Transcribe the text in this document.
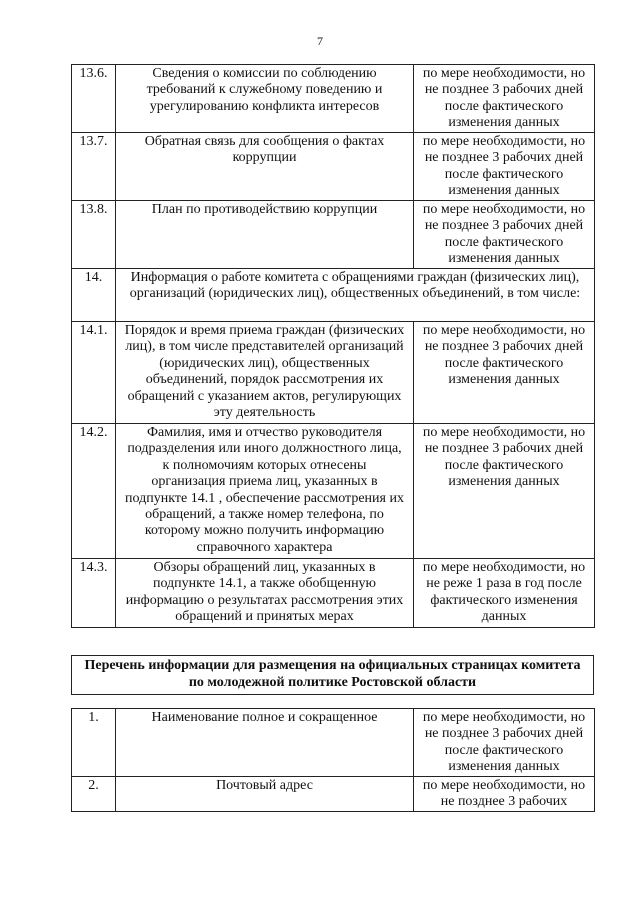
7
13.6.	Сведения о комиссии по соблюдению требований к служебному поведению и урегулированию конфликта интересов	по мере необходимости, но не позднее 3 рабочих дней после фактического изменения данных
13.7.	Обратная связь для сообщения о фактах коррупции	по мере необходимости, но не позднее 3 рабочих дней после фактического изменения данных
13.8.	План по противодействию коррупции	по мере необходимости, но не позднее 3 рабочих дней после фактического изменения данных
14.	Информация о работе комитета с обращениями граждан (физических лиц), организаций (юридических лиц), общественных объединений, в том числе:	
14.1.	Порядок и время приема граждан (физических лиц), в том числе представителей организаций (юридических лиц), общественных объединений, порядок рассмотрения их обращений с указанием актов, регулирующих эту деятельность	по мере необходимости, но не позднее 3 рабочих дней после фактического изменения данных
14.2.	Фамилия, имя и отчество руководителя подразделения или иного должностного лица, к полномочиям которых отнесены организация приема лиц, указанных в подпункте 14.1 , обеспечение рассмотрения их обращений, а также номер телефона, по которому можно получить информацию справочного характера	по мере необходимости, но не позднее 3 рабочих дней после фактического изменения данных
14.3.	Обзоры обращений лиц, указанных в подпункте 14.1, а также обобщенную информацию о результатах рассмотрения этих обращений и принятых мерах	по мере необходимости, но не реже 1 раза в год после фактического изменения данных
Перечень информации для размещения на официальных страницах комитета по молодежной политике Ростовской области
1.	Наименование полное и сокращенное	по мере необходимости, но не позднее 3 рабочих дней после фактического изменения данных
2.	Почтовый адрес	по мере необходимости, но не позднее 3 рабочих
